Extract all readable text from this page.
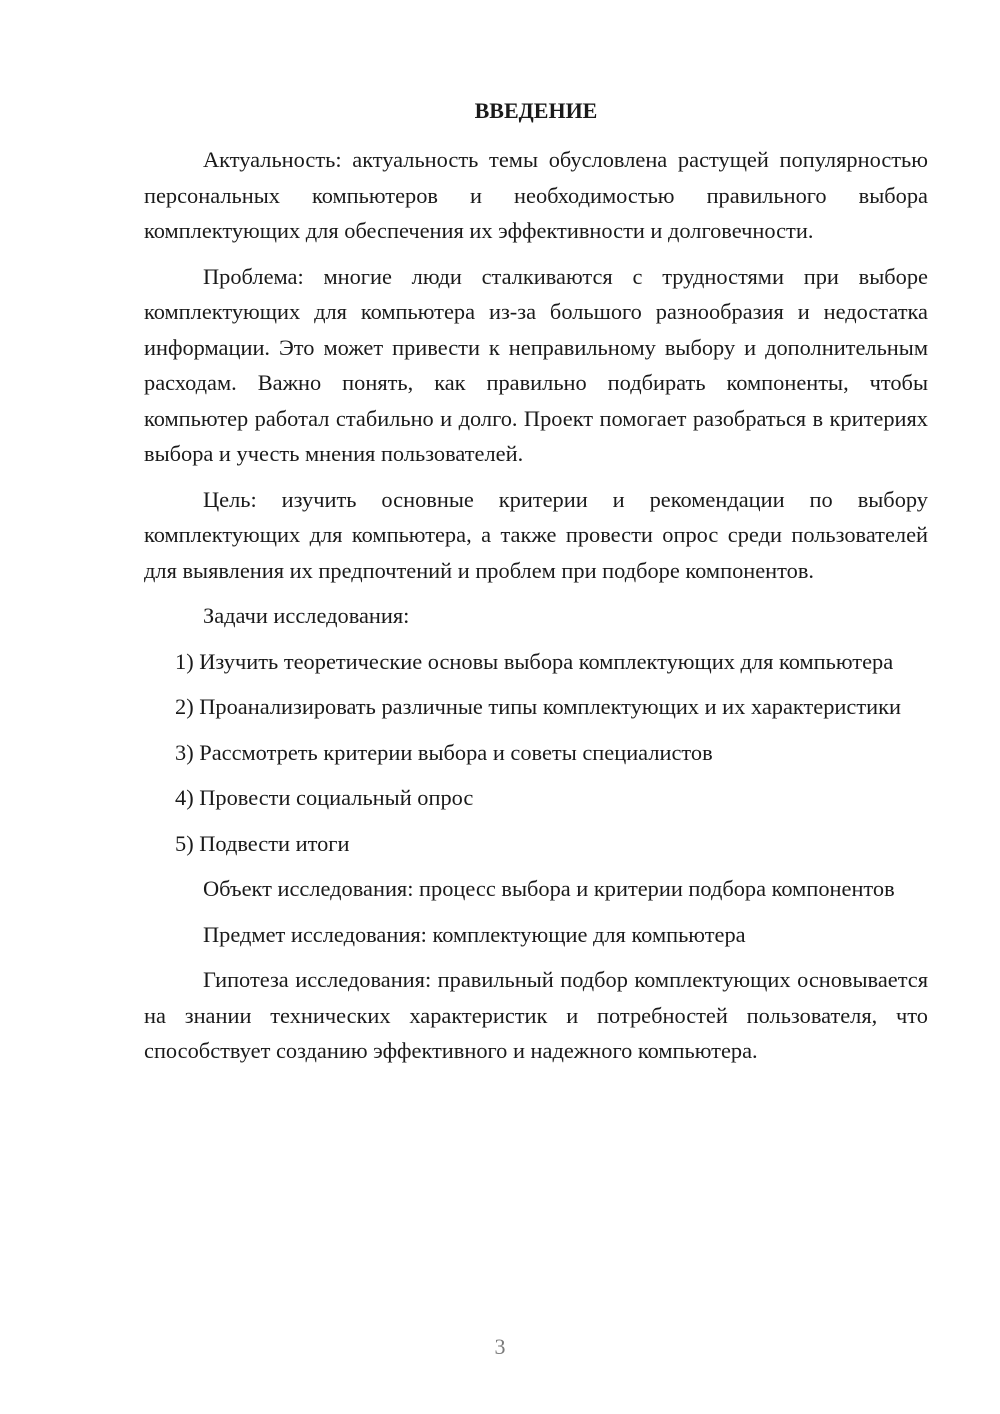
ВВЕДЕНИЕ

Актуальность: актуальность темы обусловлена растущей популярностью персональных компьютеров и необходимостью правильного выбора комплектующих для обеспечения их эффективности и долговечности.

Проблема: многие люди сталкиваются с трудностями при выборе комплектующих для компьютера из-за большого разнообразия и недостатка информации. Это может привести к неправильному выбору и дополнительным расходам. Важно понять, как правильно подбирать компоненты, чтобы компьютер работал стабильно и долго. Проект помогает разобраться в критериях выбора и учесть мнения пользователей.

Цель: изучить основные критерии и рекомендации по выбору комплектующих для компьютера, а также провести опрос среди пользователей для выявления их предпочтений и проблем при подборе компонентов.

Задачи исследования:

1) Изучить теоретические основы выбора комплектующих для компьютера

2) Проанализировать различные типы комплектующих и их характеристики

3) Рассмотреть критерии выбора и советы специалистов

4) Провести социальный опрос

5) Подвести итоги

Объект исследования: процесс выбора и критерии подбора компонентов

Предмет исследования: комплектующие для компьютера

Гипотеза исследования: правильный подбор комплектующих основывается на знании технических характеристик и потребностей пользователя, что способствует созданию эффективного и надежного компьютера.

3
